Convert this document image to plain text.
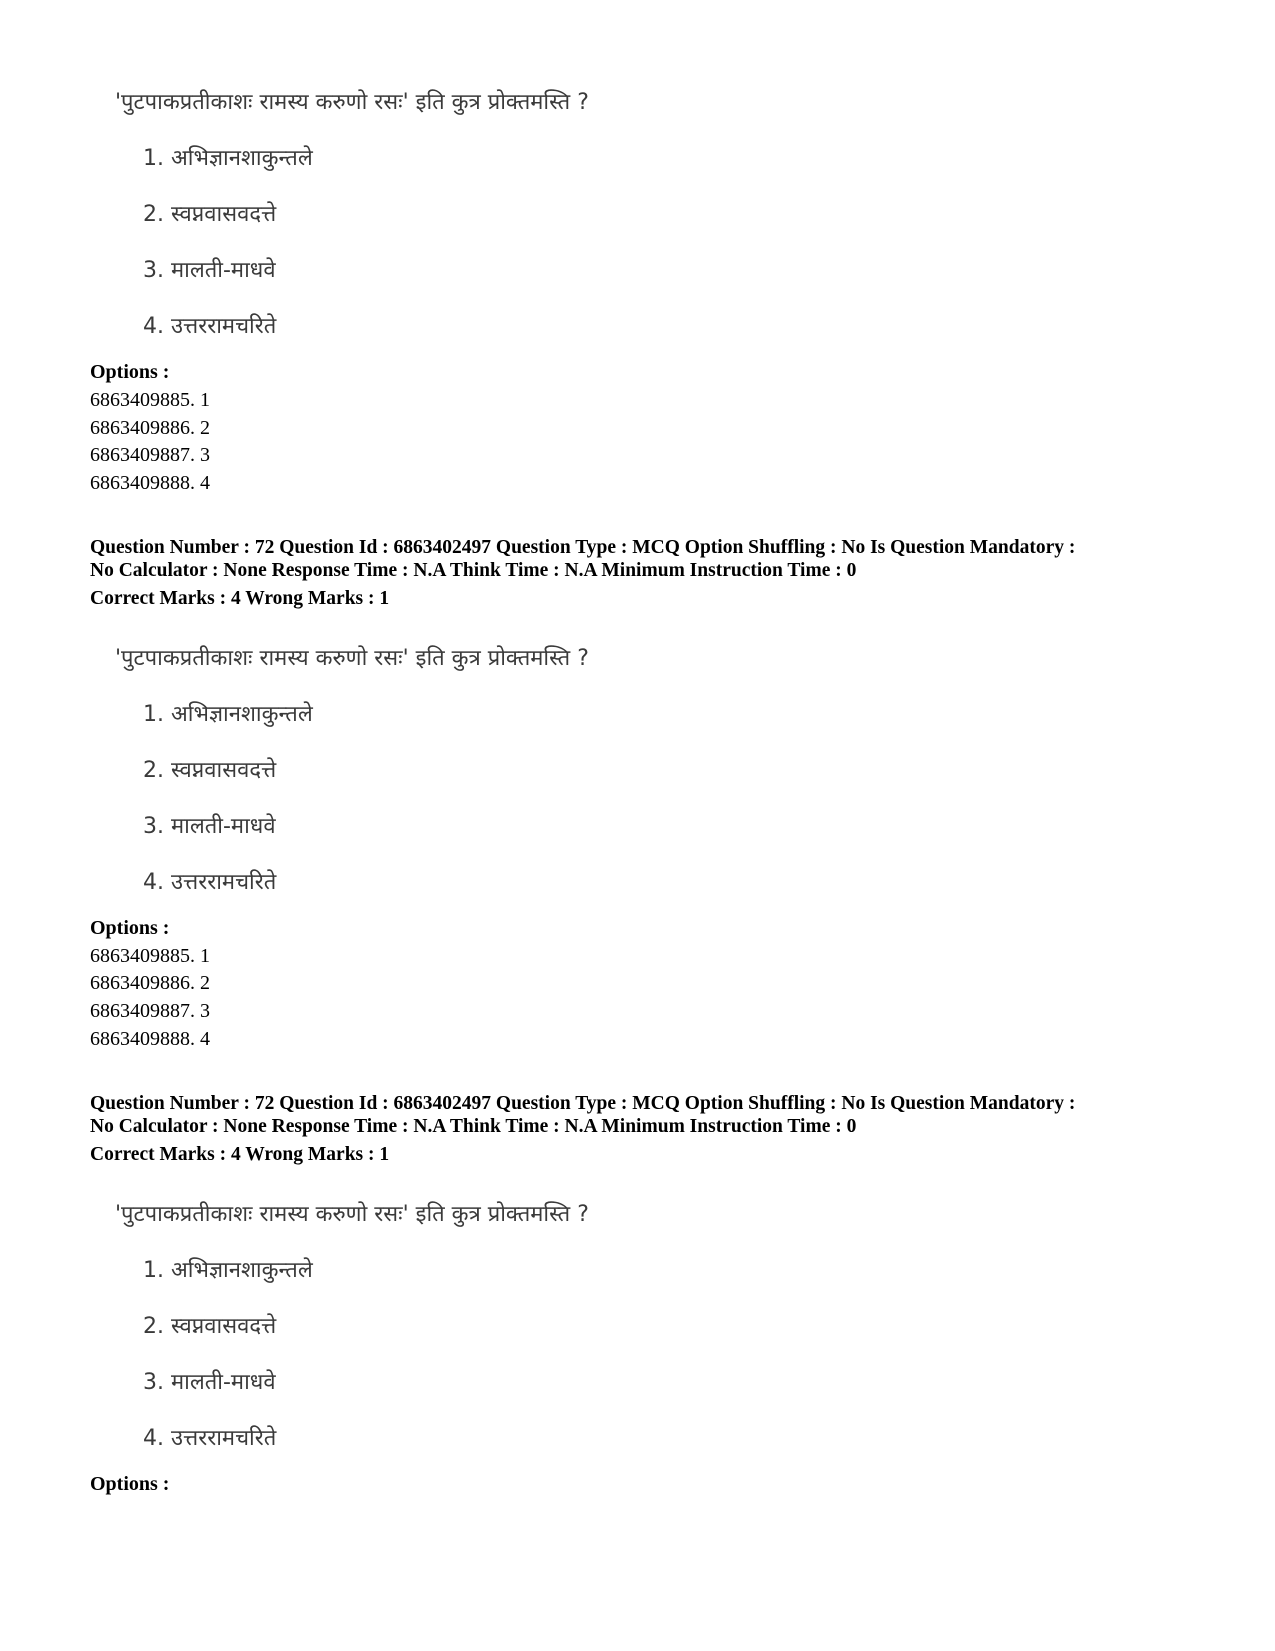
'पुटपाकप्रतीकाशः रामस्य करुणो रसः' इति कुत्र प्रोक्तमस्ति ?
1. अभिज्ञानशाकुन्तले
2. स्वप्नवासवदत्ते
3. मालती-माधवे
4. उत्तररामचरिते
Options :
6863409885. 1
6863409886. 2
6863409887. 3
6863409888. 4
Question Number : 72 Question Id : 6863402497 Question Type : MCQ Option Shuffling : No Is Question Mandatory :
No Calculator : None Response Time : N.A Think Time : N.A Minimum Instruction Time : 0
Correct Marks : 4 Wrong Marks : 1
'पुटपाकप्रतीकाशः रामस्य करुणो रसः' इति कुत्र प्रोक्तमस्ति ?
1. अभिज्ञानशाकुन्तले
2. स्वप्नवासवदत्ते
3. मालती-माधवे
4. उत्तररामचरिते
Options :
6863409885. 1
6863409886. 2
6863409887. 3
6863409888. 4
Question Number : 72 Question Id : 6863402497 Question Type : MCQ Option Shuffling : No Is Question Mandatory :
No Calculator : None Response Time : N.A Think Time : N.A Minimum Instruction Time : 0
Correct Marks : 4 Wrong Marks : 1
'पुटपाकप्रतीकाशः रामस्य करुणो रसः' इति कुत्र प्रोक्तमस्ति ?
1. अभिज्ञानशाकुन्तले
2. स्वप्नवासवदत्ते
3. मालती-माधवे
4. उत्तररामचरिते
Options :
